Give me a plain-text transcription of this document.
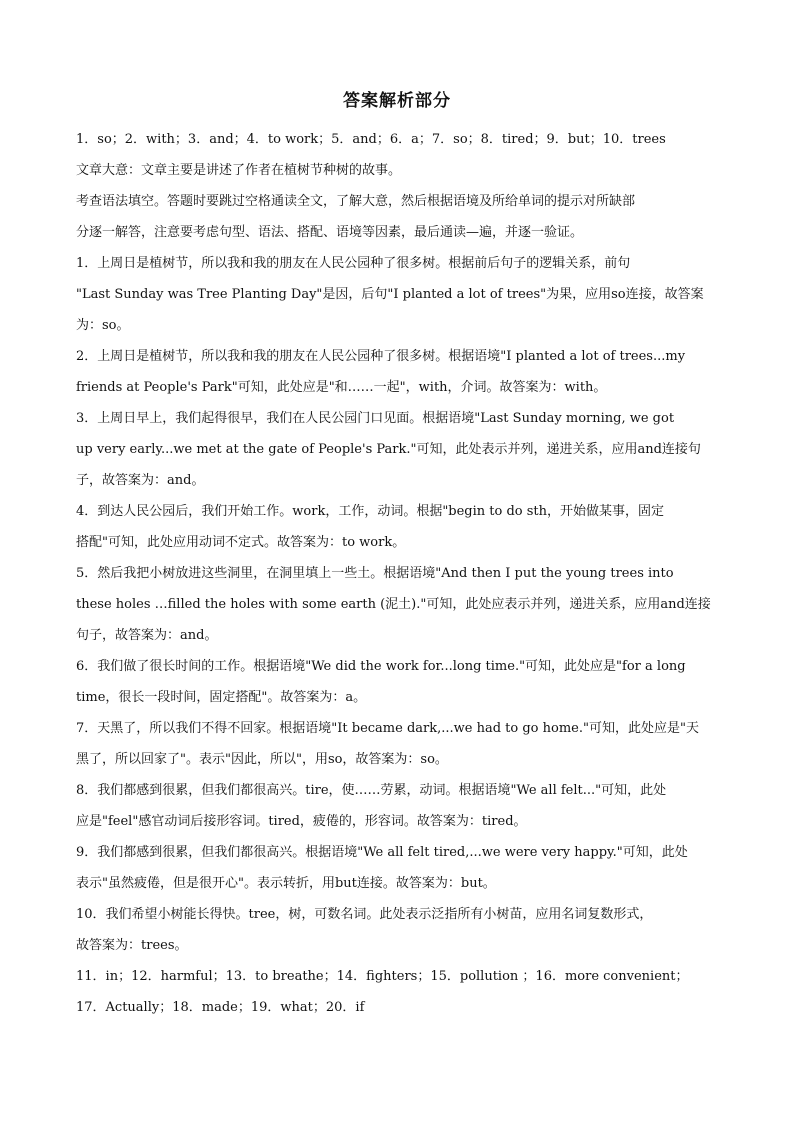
答案解析部分
1．so；2．with；3．and；4．to work；5．and；6．a；7．so；8．tired；9．but；10．trees
文章大意：文章主要是讲述了作者在植树节种树的故事。
考查语法填空。答题时要跳过空格通读全文，了解大意，然后根据语境及所给单词的提示对所缺部
分逐一解答，注意要考虑句型、语法、搭配、语境等因素，最后通读—遍，并逐一验证。
1．上周日是植树节，所以我和我的朋友在人民公园种了很多树。根据前后句子的逻辑关系，前句
"Last Sunday was Tree Planting Day"是因，后句"I planted a lot of trees"为果，应用so连接，故答案
为：so。
2．上周日是植树节，所以我和我的朋友在人民公园种了很多树。根据语境"I planted a lot of trees...my
friends at People's Park"可知，此处应是"和……一起"，with，介词。故答案为：with。
3．上周日早上，我们起得很早，我们在人民公园门口见面。根据语境"Last Sunday morning, we got
up very early...we met at the gate of People's Park."可知，此处表示并列，递进关系，应用and连接句
子，故答案为：and。
4．到达人民公园后，我们开始工作。work，工作，动词。根据"begin to do sth，开始做某事，固定
搭配"可知，此处应用动词不定式。故答案为：to work。
5．然后我把小树放进这些洞里，在洞里填上一些土。根据语境"And then I put the young trees into
these holes …filled the holes with some earth (泥土)."可知，此处应表示并列，递进关系，应用and连接
句子，故答案为：and。
6．我们做了很长时间的工作。根据语境"We did the work for...long time."可知，此处应是"for a long
time，很长一段时间，固定搭配"。故答案为：a。
7．天黑了，所以我们不得不回家。根据语境"It became dark,...we had to go home."可知，此处应是"天
黑了，所以回家了"。表示"因此，所以"，用so，故答案为：so。
8．我们都感到很累，但我们都很高兴。tire，使……劳累，动词。根据语境"We all felt..."可知，此处
应是"feel"感官动词后接形容词。tired，疲倦的，形容词。故答案为：tired。
9．我们都感到很累，但我们都很高兴。根据语境"We all felt tired,...we were very happy."可知，此处
表示"虽然疲倦，但是很开心"。表示转折，用but连接。故答案为：but。
10．我们希望小树能长得快。tree，树，可数名词。此处表示泛指所有小树苗，应用名词复数形式，
故答案为：trees。
11．in；12．harmful；13．to breathe；14．fighters；15．pollution ；16．more convenient；
17．Actually；18．made；19．what；20．if
